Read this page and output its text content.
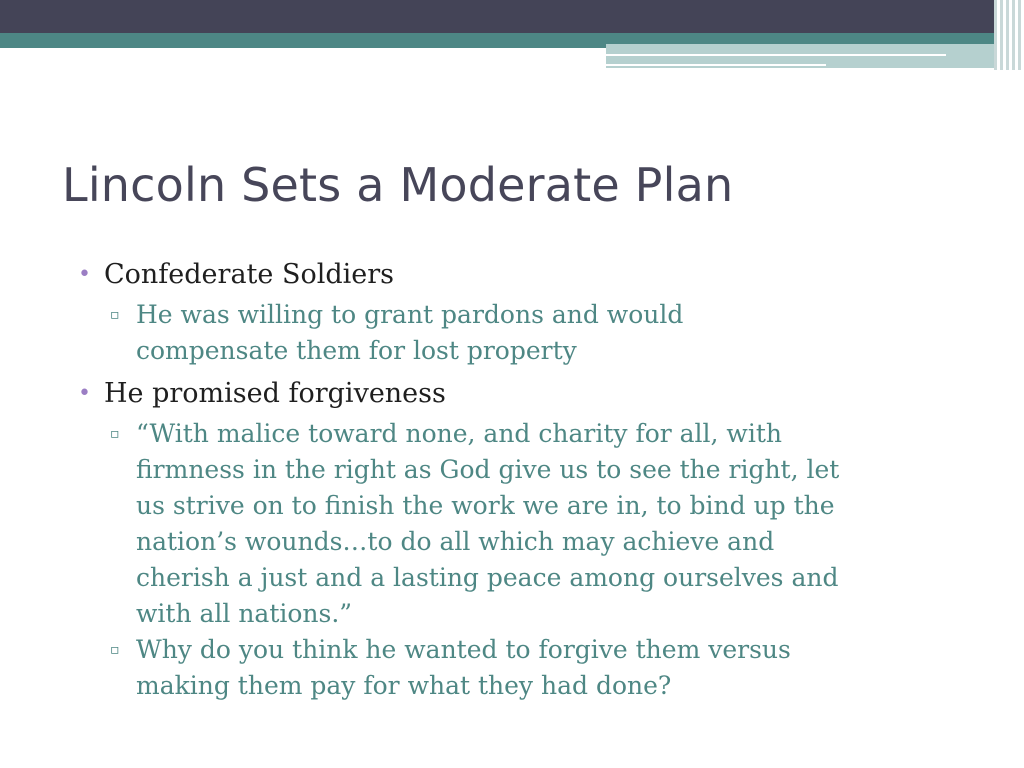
Lincoln Sets a Moderate Plan

• Confederate Soldiers

▫ He was willing to grant pardons and would
compensate them for lost property

• He promised forgiveness

▫ “With malice toward none, and charity for all, with
firmness in the right as God give us to see the right, let
us strive on to finish the work we are in, to bind up the
nation’s wounds…to do all which may achieve and
cherish a just and a lasting peace among ourselves and
with all nations.”

▫ Why do you think he wanted to forgive them versus
making them pay for what they had done?
